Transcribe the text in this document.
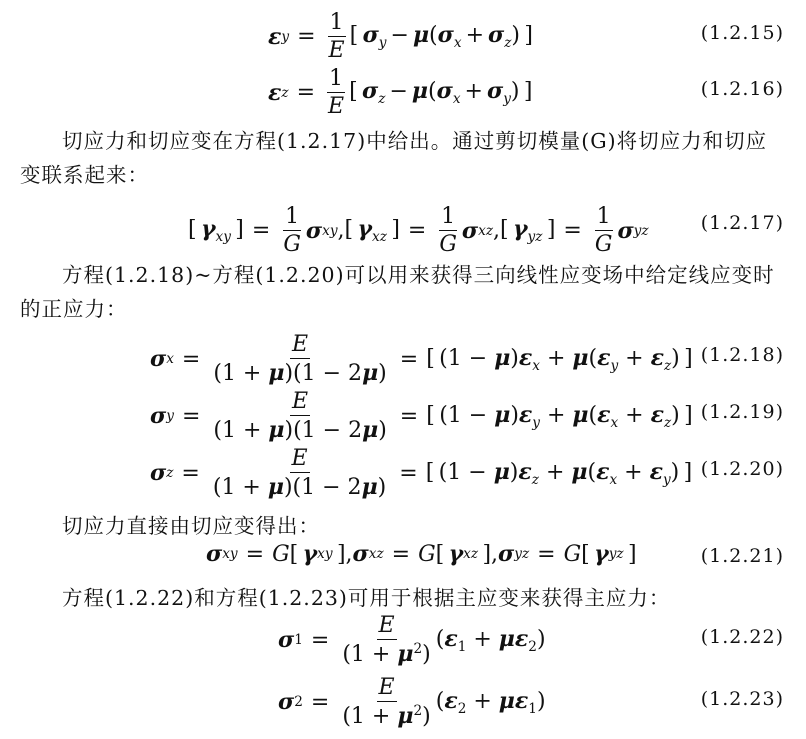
ε $y = \frac{1}{E}$ [ $\sigma_y - \mu(\sigma_x + \sigma_z)$ ]	(1.2.15)
ε $z = \frac{1}{E}$ [ $\sigma_z - \mu(\sigma_x + \sigma_y)$ ]	(1.2.16)
切应力和切应变在方程(1.2.17)中给出。通过剪切模量(G)将切应力和切应变联系起来：
[ $\gamma_{xy}$ ] = $\frac{1}{G}$ σ xy , [ $\gamma_{xz}$ ] = $\frac{1}{G}$ σ xz , [ $\gamma_{yz}$ ] = $\frac{1}{G}$ σ yz	(1.2.17)
方程(1.2.18)~方程(1.2.20)可以用来获得三向线性应变场中给定线应变时的正应力：
σ $x = \frac{E}{(1 + \mu)(1 - 2\mu)}$ = [ $(1 - \mu)\varepsilon_x + \mu(\varepsilon_y + \varepsilon_z)$ ] (1.2.18)
σ $y = \frac{E}{(1 + \mu)(1 - 2\mu)}$ = [ $(1 - \mu)\varepsilon_y + \mu(\varepsilon_x + \varepsilon_z)$ ] (1.2.19)
σ $z = \frac{E}{(1 + \mu)(1 - 2\mu)}$ = [ $(1 - \mu)\varepsilon_z + \mu(\varepsilon_x + \varepsilon_y)$ ] (1.2.20)
切应力直接由切应变得出：
σ xy = G [  γ xy  ], σ xz = G [  γ xz  ], σ yz = G [  γ yz  ]	(1.2.21)
方程(1.2.22)和方程(1.2.23)可用于根据主应变来获得主应力：
σ $1 = \frac{E}{(1 + \mu^2)} (\varepsilon_1 + \mu\varepsilon_2)$	(1.2.22)
σ $2 = \frac{E}{(1 + \mu^2)} (\varepsilon_2 + \mu\varepsilon_1)$	(1.2.23)
